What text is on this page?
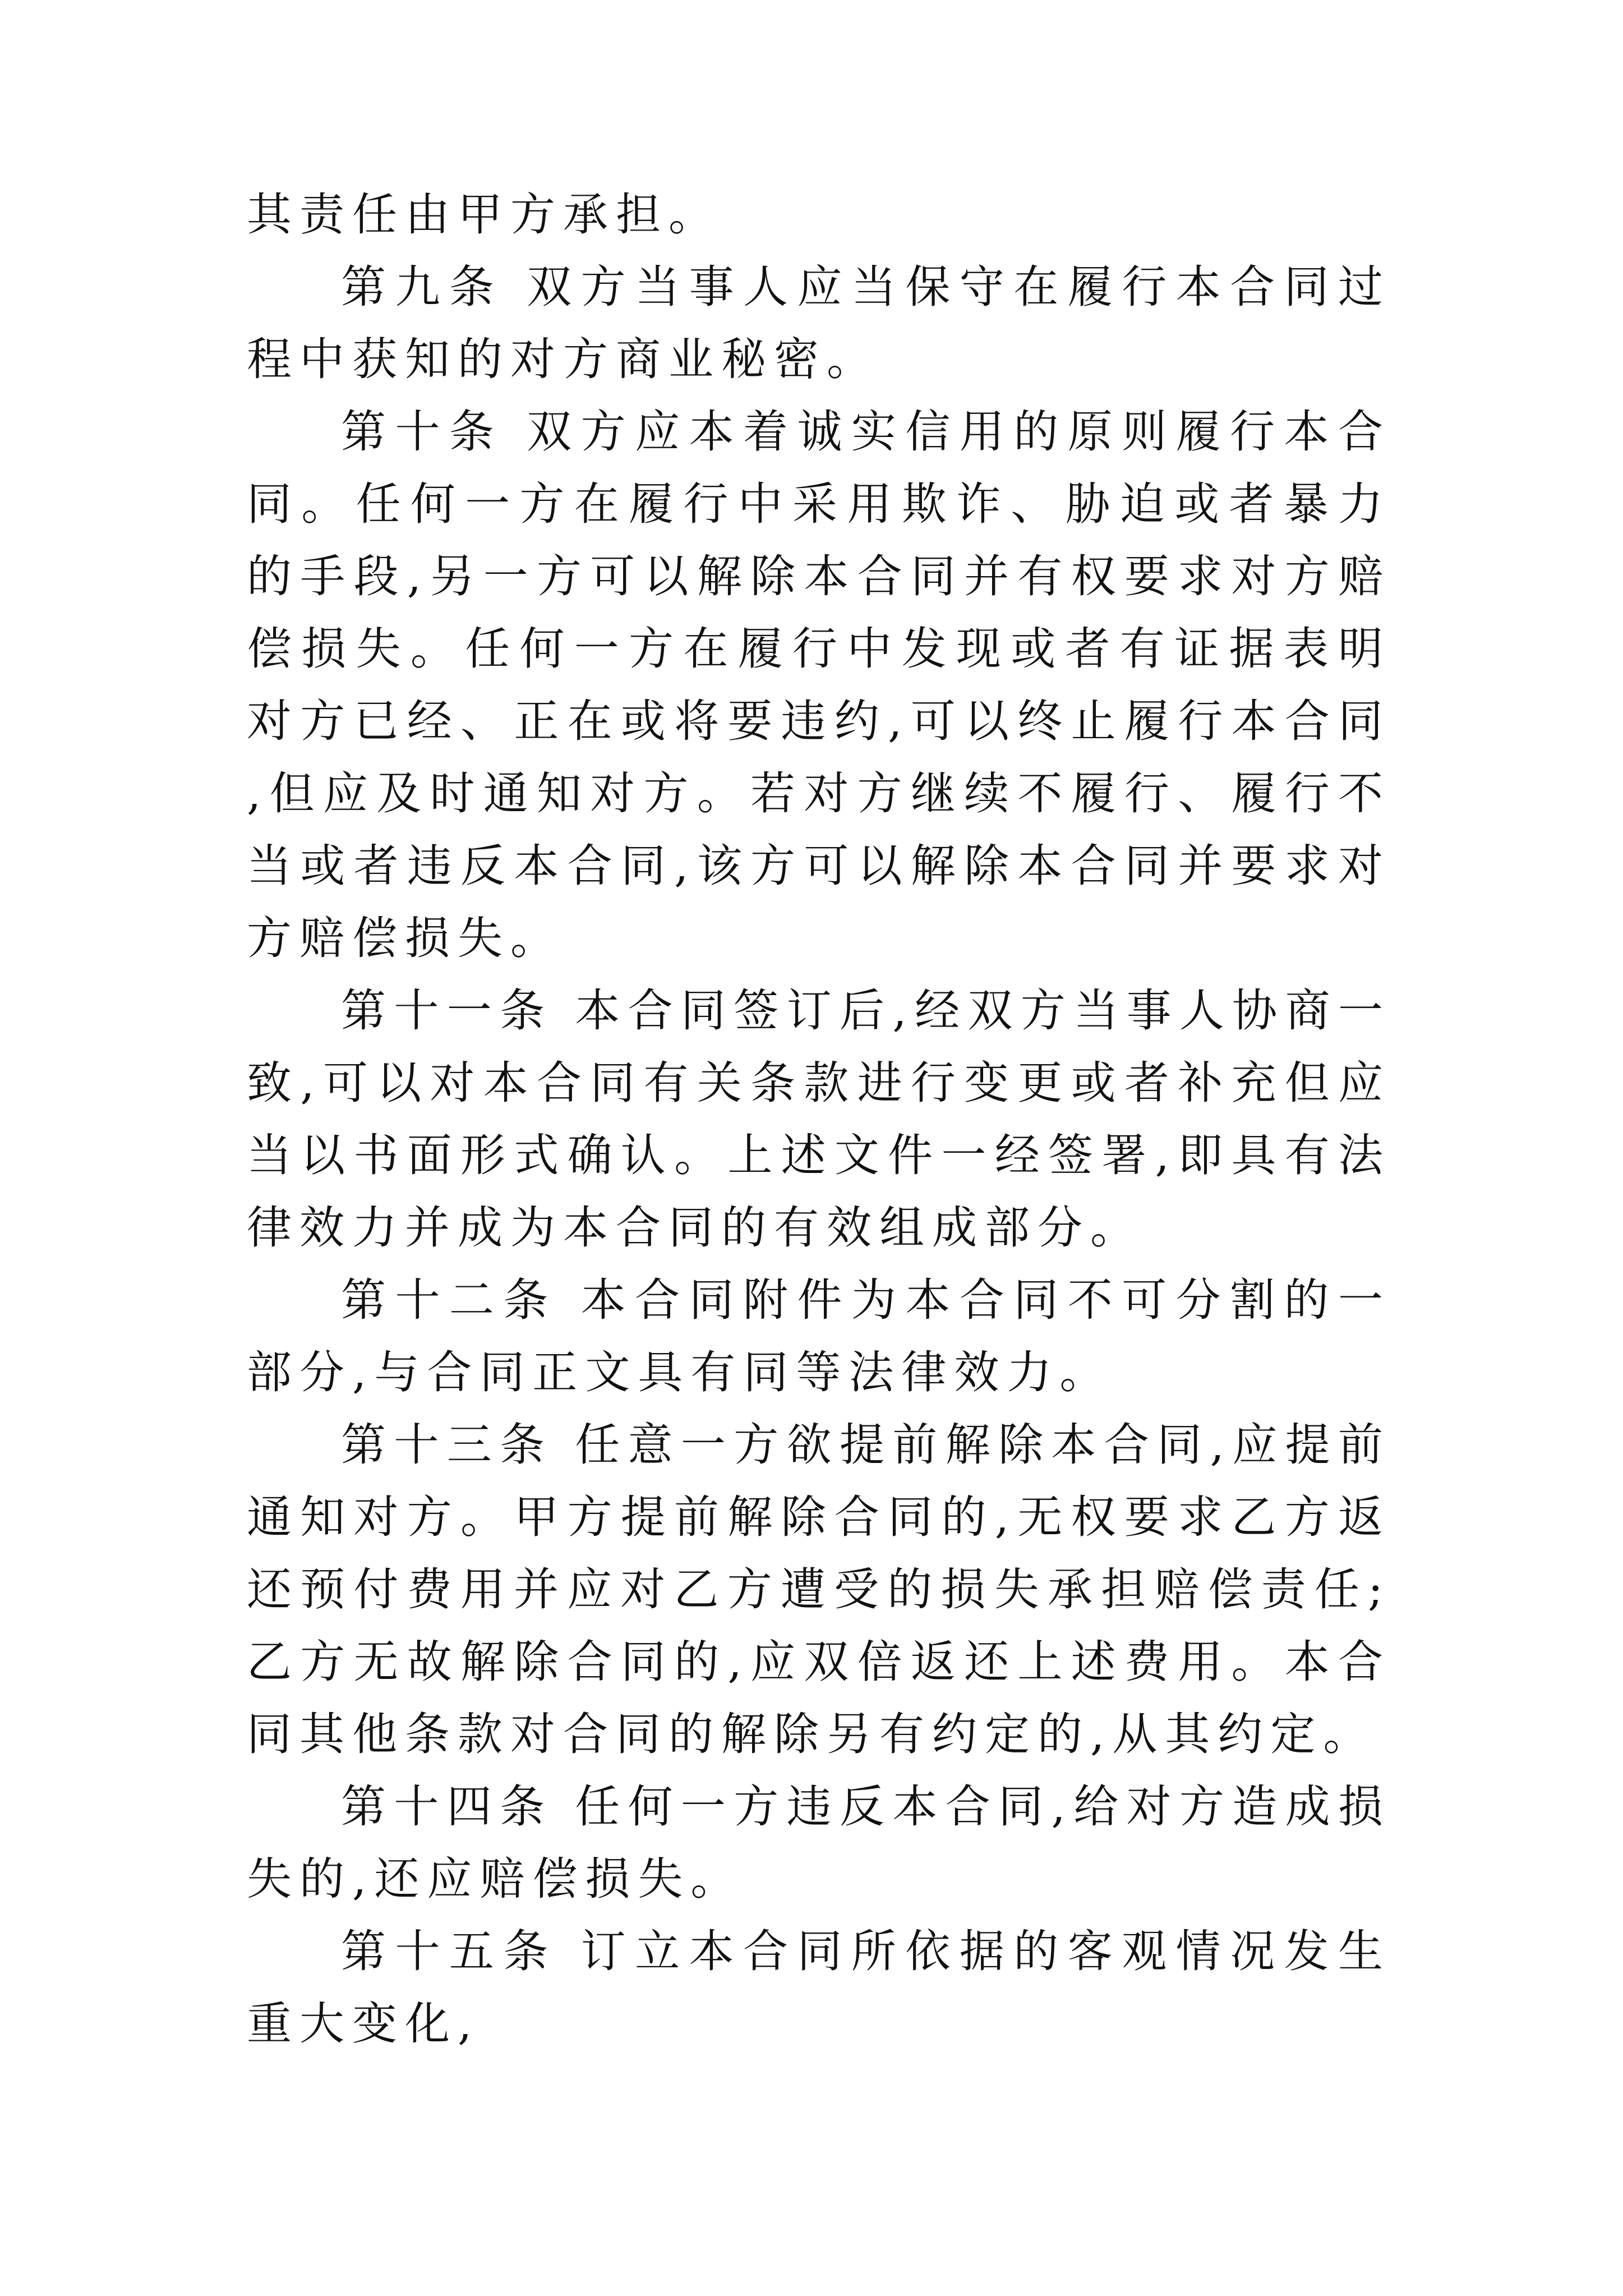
其责任由甲方承担。

第九条 双方当事人应当保守在履行本合同过程中获知的对方商业秘密。

第十条 双方应本着诚实信用的原则履行本合同。任何一方在履行中采用欺诈、胁迫或者暴力的手段,另一方可以解除本合同并有权要求对方赔偿损失。任何一方在履行中发现或者有证据表明对方已经、正在或将要违约,可以终止履行本合同,但应及时通知对方。若对方继续不履行、履行不当或者违反本合同,该方可以解除本合同并要求对方赔偿损失。

第十一条 本合同签订后,经双方当事人协商一致,可以对本合同有关条款进行变更或者补充但应当以书面形式确认。上述文件一经签署,即具有法律效力并成为本合同的有效组成部分。

第十二条 本合同附件为本合同不可分割的一部分,与合同正文具有同等法律效力。

第十三条 任意一方欲提前解除本合同,应提前通知对方。甲方提前解除合同的,无权要求乙方返还预付费用并应对乙方遭受的损失承担赔偿责任;乙方无故解除合同的,应双倍返还上述费用。本合同其他条款对合同的解除另有约定的,从其约定。

第十四条 任何一方违反本合同,给对方造成损失的,还应赔偿损失。

第十五条 订立本合同所依据的客观情况发生重大变化,
